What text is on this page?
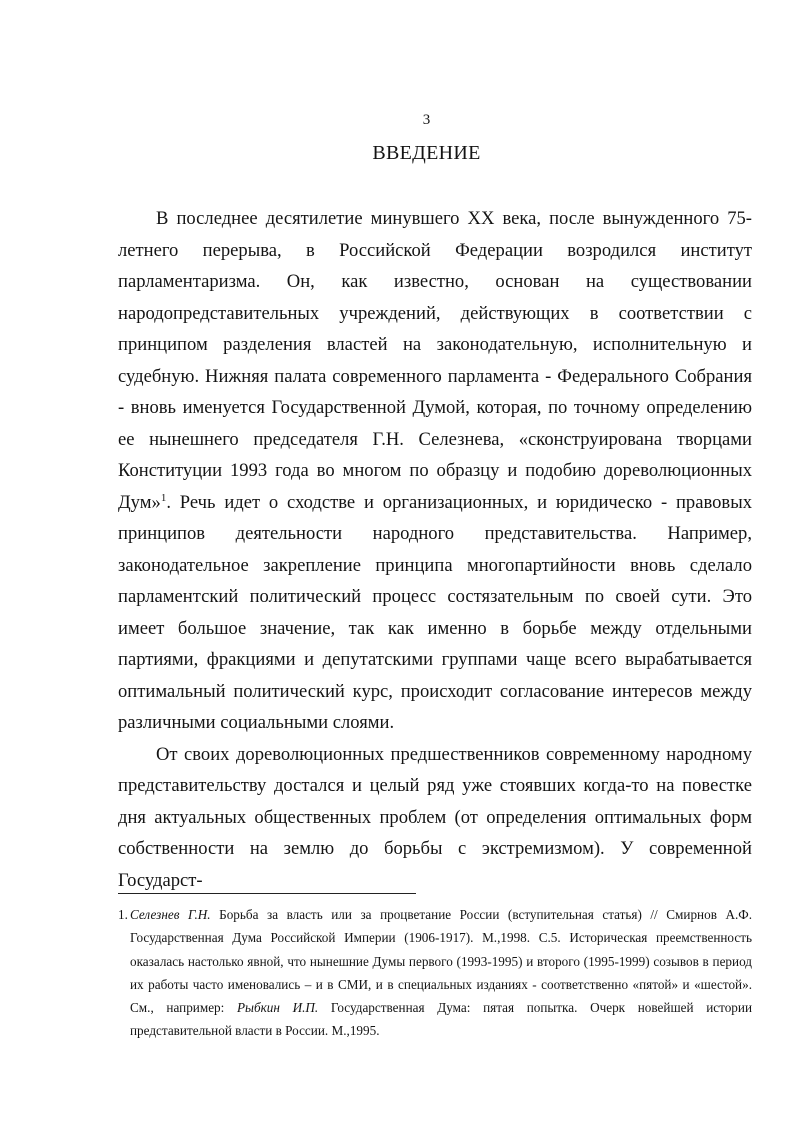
3
ВВЕДЕНИЕ

В последнее десятилетие минувшего XX века, после вынужденного 75-летнего перерыва, в Российской Федерации возродился институт парламентаризма. Он, как известно, основан на существовании народопредставительных учреждений, действующих в соответствии с принципом разделения властей на законодательную, исполнительную и судебную. Нижняя палата современного парламента - Федерального Собрания - вновь именуется Государственной Думой, которая, по точному определению ее нынешнего председателя Г.Н. Селезнева, «сконструирована творцами Конституции 1993 года во многом по образцу и подобию дореволюционных Дум»$^1$. Речь идет о сходстве и организационных, и юридическо - правовых принципов деятельности народного представительства. Например, законодательное закрепление принципа многопартийности вновь сделало парламентский политический процесс состязательным по своей сути. Это имеет большое значение, так как именно в борьбе между отдельными партиями, фракциями и депутатскими группами чаще всего вырабатывается оптимальный политический курс, происходит согласование интересов между различными социальными слоями.

От своих дореволюционных предшественников современному народному представительству достался и целый ряд уже стоявших когда-то на повестке дня актуальных общественных проблем (от определения оптимальных форм собственности на землю до борьбы с экстремизмом). У современной Государст-

1. Селезнев Г.Н. Борьба за власть или за процветание России (вступительная статья) // Смирнов А.Ф. Государственная Дума Российской Империи (1906-1917). М.,1998. С.5. Историческая преемственность оказалась настолько явной, что нынешние Думы первого (1993-1995) и второго (1995-1999) созывов в период их работы часто именовались – и в СМИ, и в специальных изданиях - соответственно «пятой» и «шестой». См., например: Рыбкин И.П. Государственная Дума: пятая попытка. Очерк новейшей истории представительной власти в России. М.,1995.
